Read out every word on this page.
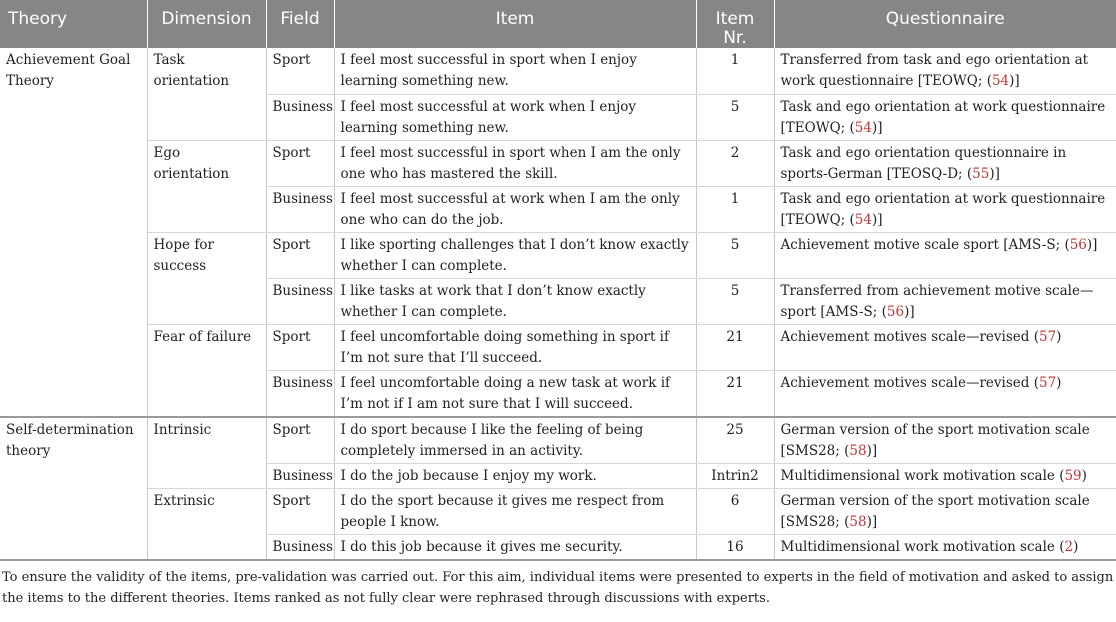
Theory	Dimension	Field	Item	Item Nr.	Questionnaire
Achievement Goal Theory	Task orientation	Sport	I feel most successful in sport when I enjoy learning something new.	1	Transferred from task and ego orientation at work questionnaire [TEOWQ; (54)]
		Business	I feel most successful at work when I enjoy learning something new.	5	Task and ego orientation at work questionnaire [TEOWQ; (54)]
	Ego orientation	Sport	I feel most successful in sport when I am the only one who has mastered the skill.	2	Task and ego orientation questionnaire in sports-German [TEOSQ-D; (55)]
		Business	I feel most successful at work when I am the only one who can do the job.	1	Task and ego orientation at work questionnaire [TEOWQ; (54)]
	Hope for success	Sport	I like sporting challenges that I don’t know exactly whether I can complete.	5	Achievement motive scale sport [AMS-S; (56)]
		Business	I like tasks at work that I don’t know exactly whether I can complete.	5	Transferred from achievement motive scale—sport [AMS-S; (56)]
	Fear of failure	Sport	I feel uncomfortable doing something in sport if I’m not sure that I’ll succeed.	21	Achievement motives scale—revised (57)
		Business	I feel uncomfortable doing a new task at work if I’m not if I am not sure that I will succeed.	21	Achievement motives scale—revised (57)
Self-determination theory	Intrinsic	Sport	I do sport because I like the feeling of being completely immersed in an activity.	25	German version of the sport motivation scale [SMS28; (58)]
		Business	I do the job because I enjoy my work.	Intrin2	Multidimensional work motivation scale (59)
	Extrinsic	Sport	I do the sport because it gives me respect from people I know.	6	German version of the sport motivation scale [SMS28; (58)]
		Business	I do this job because it gives me security.	16	Multidimensional work motivation scale (2)
To ensure the validity of the items, pre-validation was carried out. For this aim, individual items were presented to experts in the field of motivation and asked to assign the items to the different theories. Items ranked as not fully clear were rephrased through discussions with experts.
